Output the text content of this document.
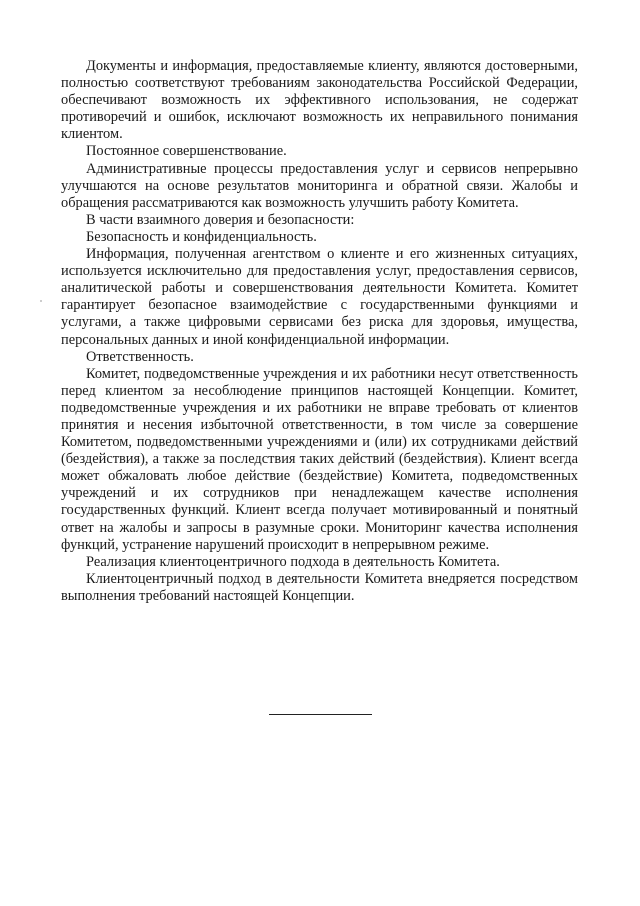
Документы и информация, предоставляемые клиенту, являются достоверными, полностью соответствуют требованиям законодательства Российской Федерации, обеспечивают возможность их эффективного использования, не содержат противоречий и ошибок, исключают возможность их неправильного понимания клиентом.

Постоянное совершенствование.

Административные процессы предоставления услуг и сервисов непрерывно улучшаются на основе результатов мониторинга и обратной связи. Жалобы и обращения рассматриваются как возможность улучшить работу Комитета.

В части взаимного доверия и безопасности:

Безопасность и конфиденциальность.

Информация, полученная агентством о клиенте и его жизненных ситуациях, используется исключительно для предоставления услуг, предоставления сервисов, аналитической работы и совершенствования деятельности Комитета. Комитет гарантирует безопасное взаимодействие с государственными функциями и услугами, а также цифровыми сервисами без риска для здоровья, имущества, персональных данных и иной конфиденциальной информации.

Ответственность.

Комитет, подведомственные учреждения и их работники несут ответственность перед клиентом за несоблюдение принципов настоящей Концепции. Комитет, подведомственные учреждения и их работники не вправе требовать от клиентов принятия и несения избыточной ответственности, в том числе за совершение Комитетом, подведомственными учреждениями и (или) их сотрудниками действий (бездействия), а также за последствия таких действий (бездействия). Клиент всегда может обжаловать любое действие (бездействие) Комитета, подведомственных учреждений и их сотрудников при ненадлежащем качестве исполнения государственных функций. Клиент всегда получает мотивированный и понятный ответ на жалобы и запросы в разумные сроки. Мониторинг качества исполнения функций, устранение нарушений происходит в непрерывном режиме.

Реализация клиентоцентричного подхода в деятельность Комитета.

Клиентоцентричный подход в деятельности Комитета внедряется посредством выполнения требований настоящей Концепции.
